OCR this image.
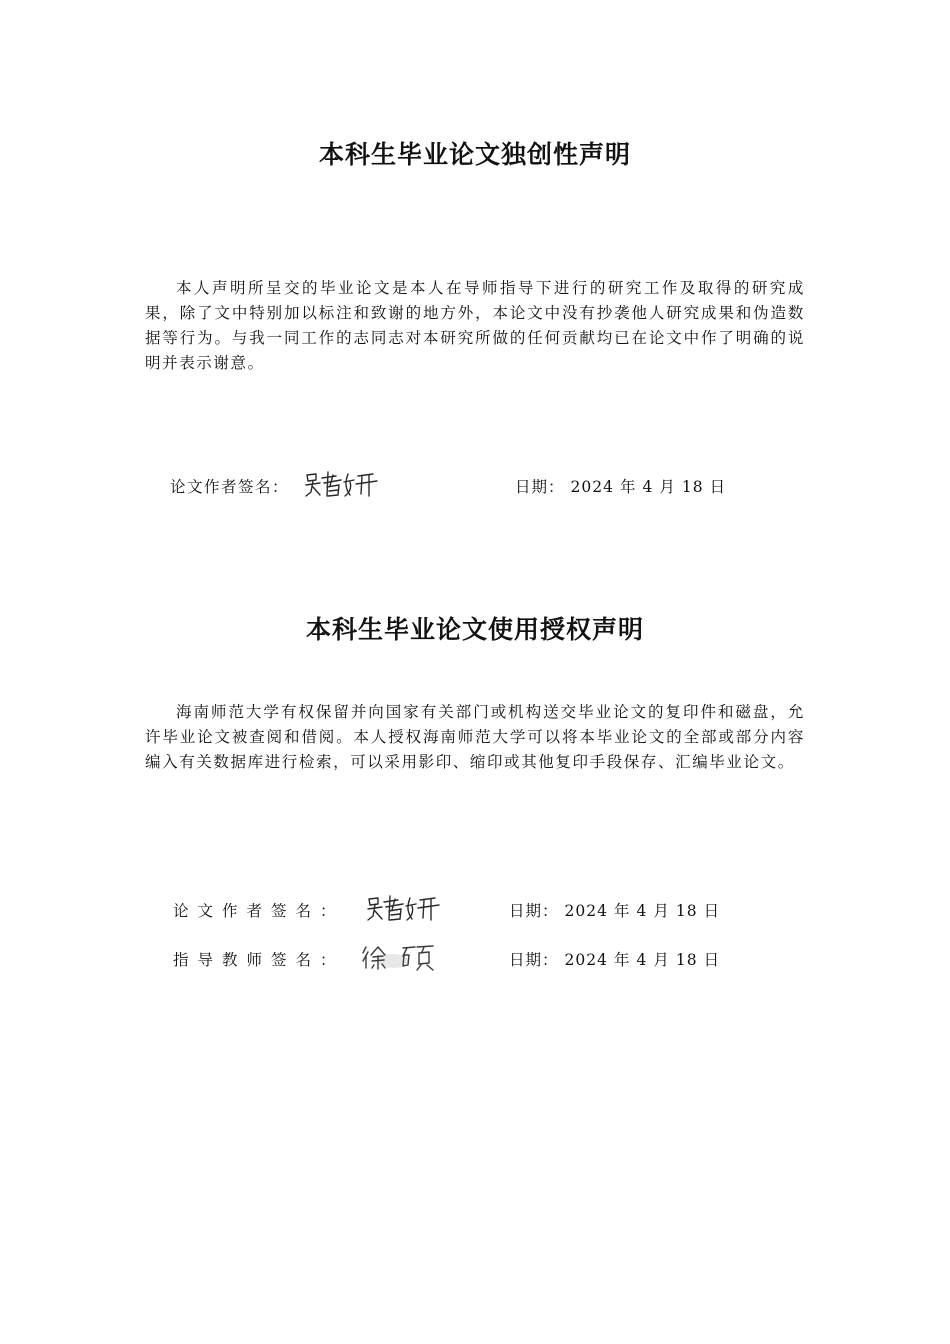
本科生毕业论文独创性声明

本人声明所呈交的毕业论文是本人在导师指导下进行的研究工作及取得的研究成果，除了文中特别加以标注和致谢的地方外，本论文中没有抄袭他人研究成果和伪造数据等行为。与我一同工作的志同志对本研究所做的任何贡献均已在论文中作了明确的说明并表示谢意。

论文作者签名：	日期： 2024 年 4 月 18 日
本科生毕业论文使用授权声明

海南师范大学有权保留并向国家有关部门或机构送交毕业论文的复印件和磁盘，允许毕业论文被查阅和借阅。本人授权海南师范大学可以将本毕业论文的全部或部分内容编入有关数据库进行检索，可以采用影印、缩印或其他复印手段保存、汇编毕业论文。

论文作者签名：	日期： 2024 年 4 月 18 日
指导教师签名：	日期： 2024 年 4 月 18 日
